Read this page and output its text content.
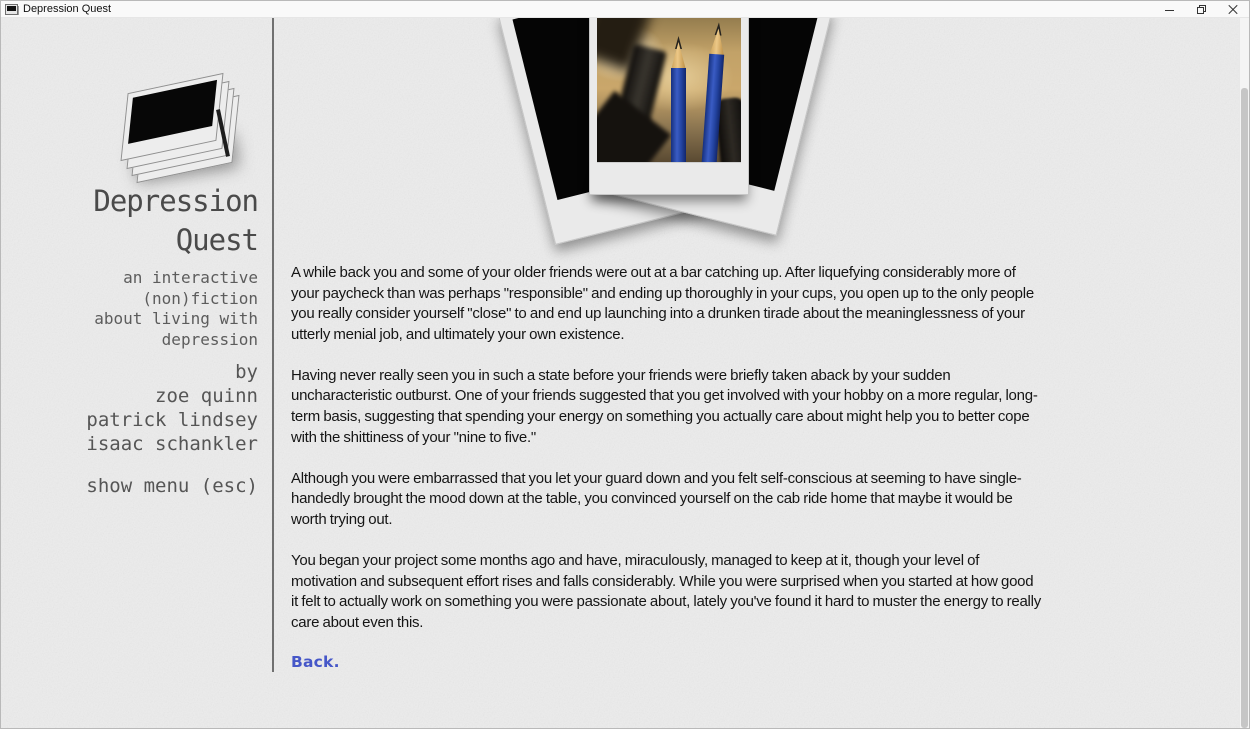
Depression Quest
Depression
Quest
an interactive
(non)fiction
about living with
depression
by
zoe quinn
patrick lindsey
isaac schankler
show menu (esc)

A while back you and some of your older friends were out at a bar catching up. After liquefying considerably more of your paycheck than was perhaps "responsible" and ending up thoroughly in your cups, you open up to the only people you really consider yourself "close" to and end up launching into a drunken tirade about the meaninglessness of your utterly menial job, and ultimately your own existence.

Having never really seen you in such a state before your friends were briefly taken aback by your sudden uncharacteristic outburst. One of your friends suggested that you get involved with your hobby on a more regular, long-term basis, suggesting that spending your energy on something you actually care about might help you to better cope with the shittiness of your "nine to five."

Although you were embarrassed that you let your guard down and you felt self-conscious at seeming to have single-handedly brought the mood down at the table, you convinced yourself on the cab ride home that maybe it would be worth trying out.

You began your project some months ago and have, miraculously, managed to keep at it, though your level of motivation and subsequent effort rises and falls considerably. While you were surprised when you started at how good it felt to actually work on something you were passionate about, lately you've found it hard to muster the energy to really care about even this.

Back.
